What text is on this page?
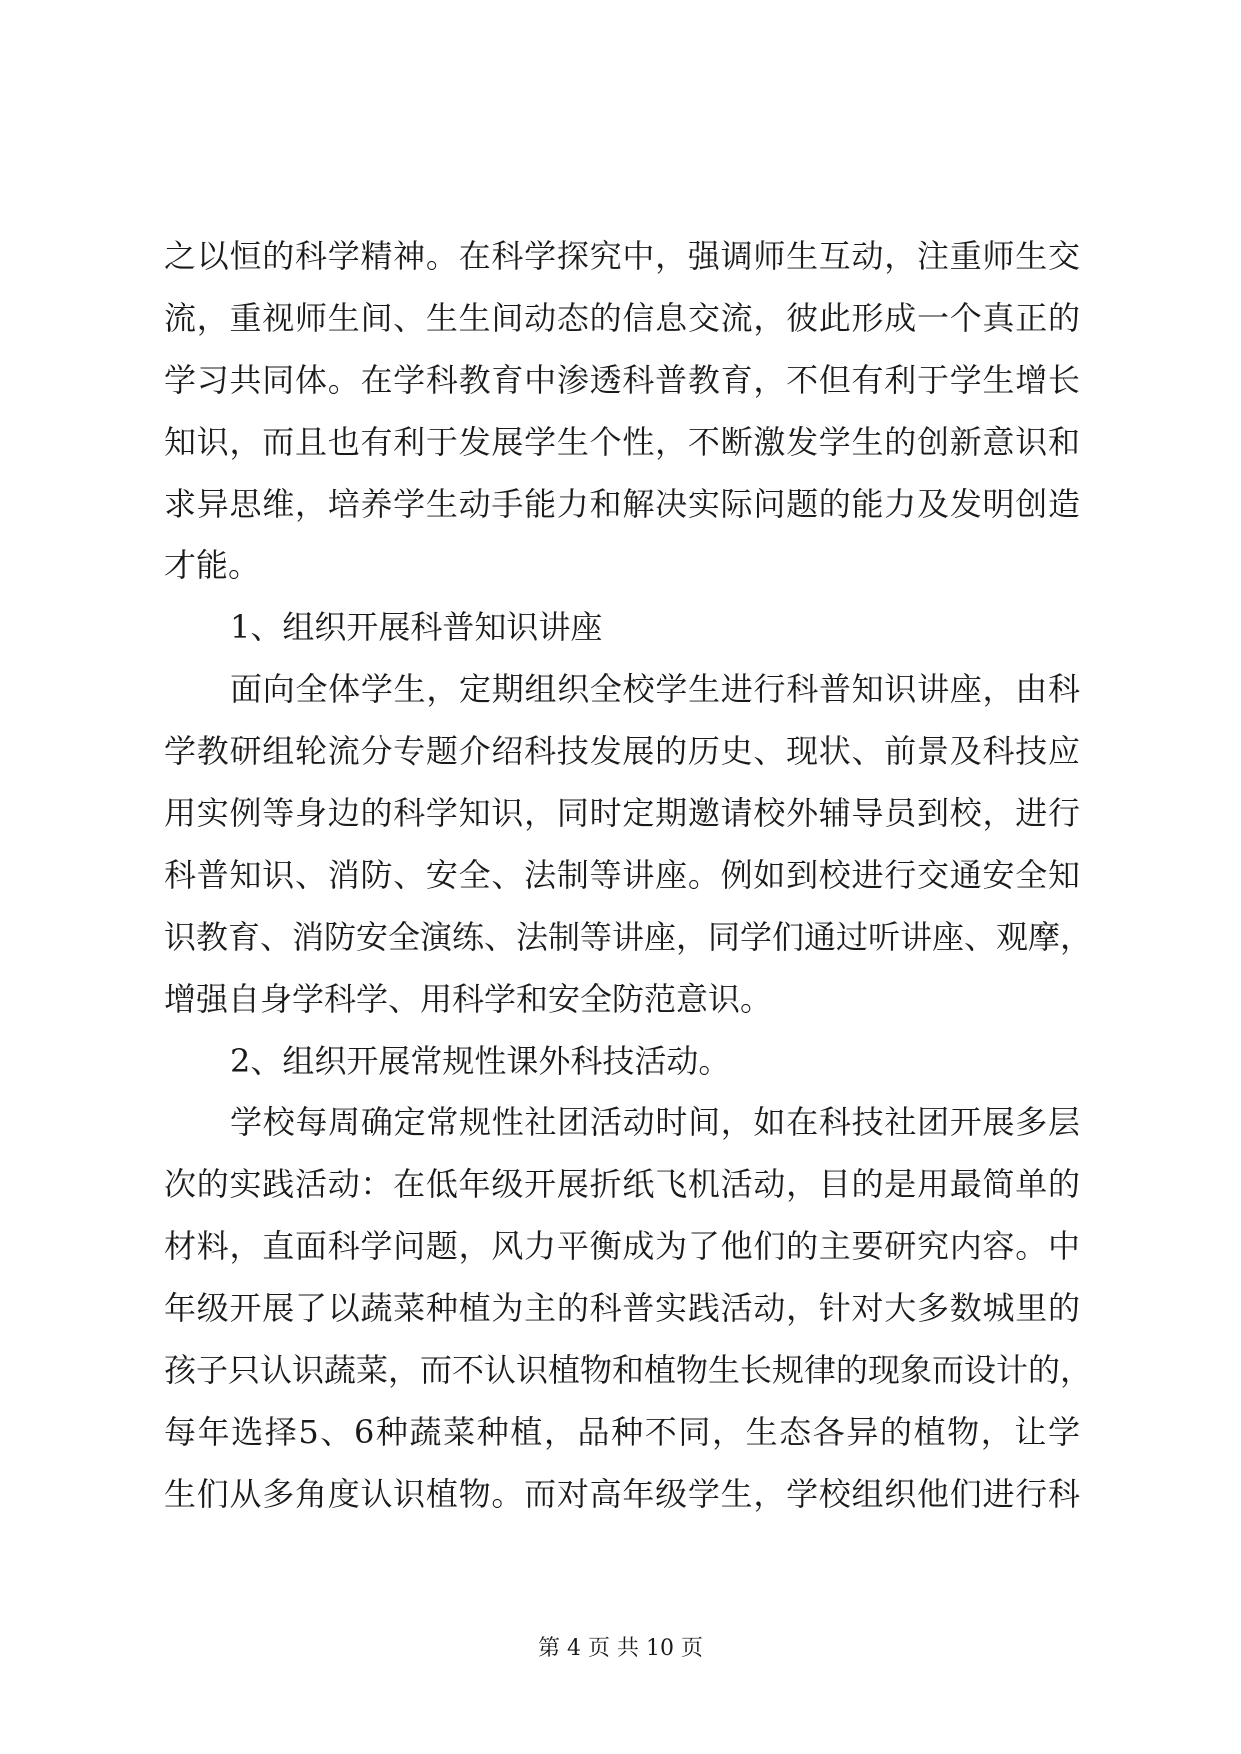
之以恒的科学精神。在科学探究中，强调师生互动，注重师生交
流，重视师生间、生生间动态的信息交流，彼此形成一个真正的
学习共同体。在学科教育中渗透科普教育，不但有利于学生增长
知识，而且也有利于发展学生个性，不断激发学生的创新意识和
求异思维，培养学生动手能力和解决实际问题的能力及发明创造
才能。
1、组织开展科普知识讲座
面向全体学生，定期组织全校学生进行科普知识讲座，由科
学教研组轮流分专题介绍科技发展的历史、现状、前景及科技应
用实例等身边的科学知识，同时定期邀请校外辅导员到校，进行
科普知识、消防、安全、法制等讲座。例如到校进行交通安全知
识教育、消防安全演练、法制等讲座，同学们通过听讲座、观摩，
增强自身学科学、用科学和安全防范意识。
2、组织开展常规性课外科技活动。
学校每周确定常规性社团活动时间，如在科技社团开展多层
次的实践活动：在低年级开展折纸飞机活动，目的是用最简单的
材料，直面科学问题，风力平衡成为了他们的主要研究内容。中
年级开展了以蔬菜种植为主的科普实践活动，针对大多数城里的
孩子只认识蔬菜，而不认识植物和植物生长规律的现象而设计的，
每年选择5、6种蔬菜种植，品种不同，生态各异的植物，让学
生们从多角度认识植物。而对高年级学生，学校组织他们进行科
第 4 页 共 10 页
